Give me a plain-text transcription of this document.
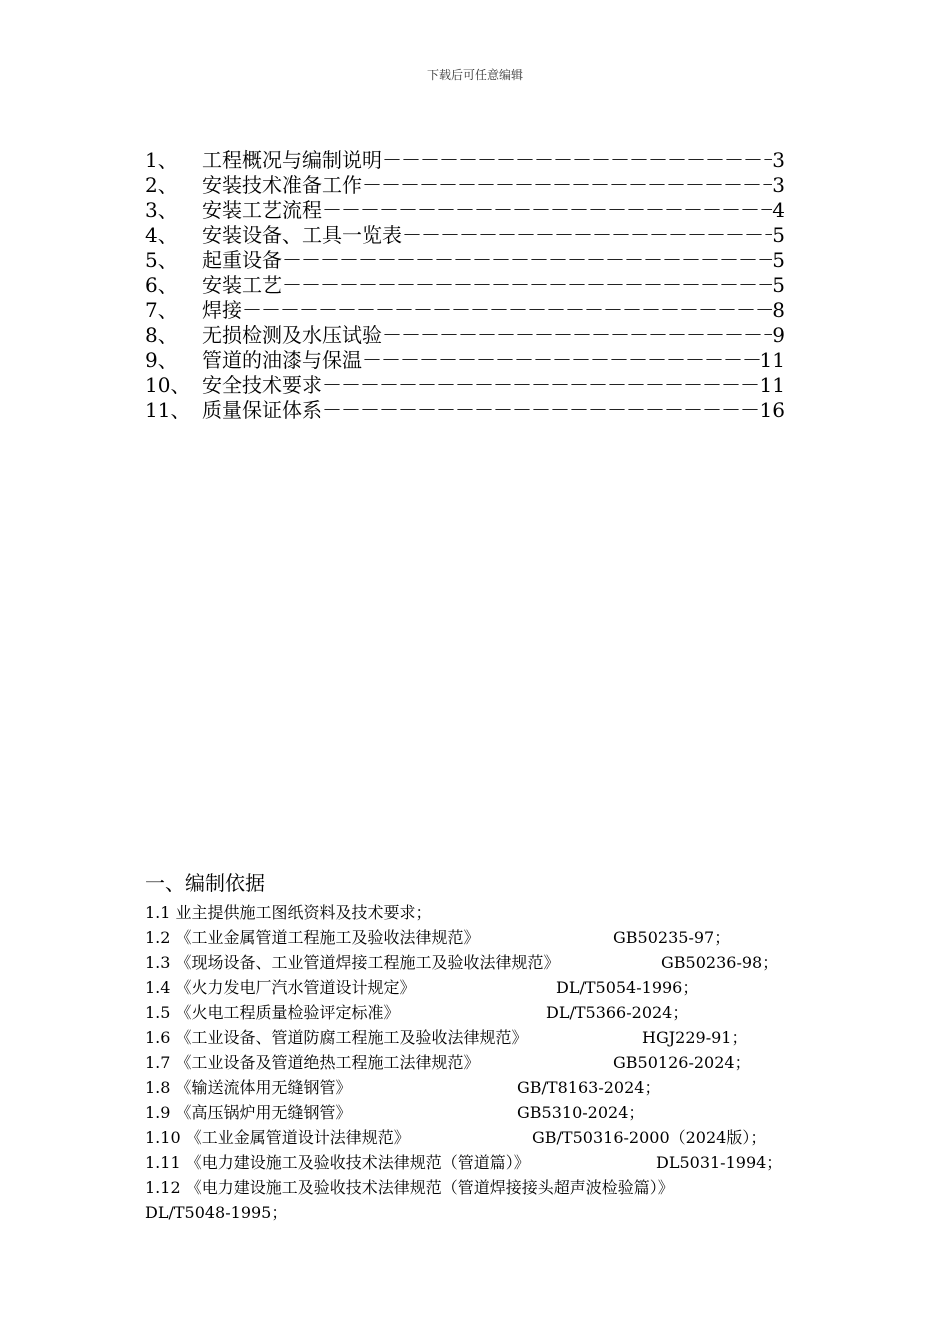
下载后可任意编辑
1、	工程概况与编制说明 －－－－－－－－－－－－－－－－－－－－－－－－－－－－－－－－－－－－－－	3
2、	安装技术准备工作 －－－－－－－－－－－－－－－－－－－－－－－－－－－－－－－－－－－－－－	3
3、	安装工艺流程 －－－－－－－－－－－－－－－－－－－－－－－－－－－－－－－－－－－－－－	4
4、	安装设备、工具一览表 －－－－－－－－－－－－－－－－－－－－－－－－－－－－－－－－－－－－－－	5
5、	起重设备 －－－－－－－－－－－－－－－－－－－－－－－－－－－－－－－－－－－－－－	5
6、	安装工艺 －－－－－－－－－－－－－－－－－－－－－－－－－－－－－－－－－－－－－－	5
7、	焊接 －－－－－－－－－－－－－－－－－－－－－－－－－－－－－－－－－－－－－－	8
8、	无损检测及水压试验 －－－－－－－－－－－－－－－－－－－－－－－－－－－－－－－－－－－－－－	9
9、	管道的油漆与保温 －－－－－－－－－－－－－－－－－－－－－－－－－－－－－－－－－－－－－－	11
10、 安全技术要求 －－－－－－－－－－－－－－－－－－－－－－－－－－－－－－－－－－－－－－	11
11、 质量保证体系 －－－－－－－－－－－－－－－－－－－－－－－－－－－－－－－－－－－－－－	16
一、编制依据
1.1 业主提供施工图纸资料及技术要求；
1.2 《工业金属管道工程施工及验收法律规范》	GB50235-97；
1.3 《现场设备、工业管道焊接工程施工及验收法律规范》	GB50236-98；
1.4 《火力发电厂汽水管道设计规定》	DL/T5054-1996；
1.5 《火电工程质量检验评定标准》	DL/T5366-2024；
1.6 《工业设备、管道防腐工程施工及验收法律规范》	HGJ229-91；
1.7 《工业设备及管道绝热工程施工法律规范》	GB50126-2024；
1.8 《输送流体用无缝钢管》	GB/T8163-2024；
1.9 《高压锅炉用无缝钢管》	GB5310-2024；
1.10 《工业金属管道设计法律规范》	GB/T50316-2000（2024版）；
1.11 《电力建设施工及验收技术法律规范（管道篇）》	DL5031-1994；
1.12 《电力建设施工及验收技术法律规范（管道焊接接头超声波检验篇）》
DL/T5048-1995；
